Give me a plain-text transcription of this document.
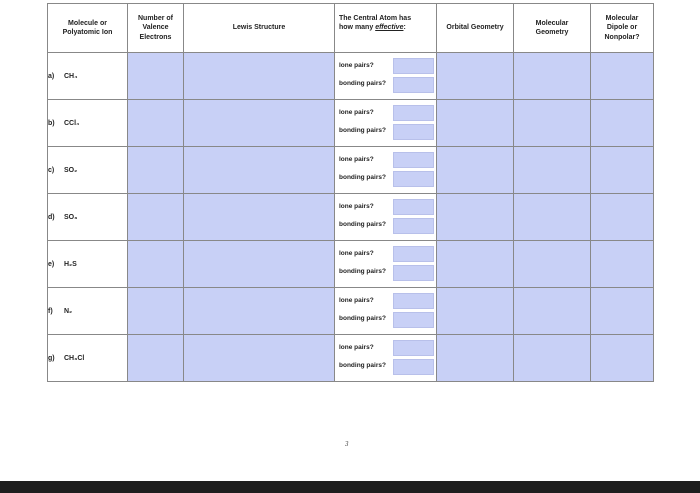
Molecule or
Polyatomic Ion	Number of
Valence
Electrons	Lewis Structure	The Central Atom has
how many effective:	Orbital Geometry	Molecular
Geometry	Molecular
Dipole or
Nonpolar?

a) CH₄			lone pairs?
bonding pairs?			

b) CCl₄			lone pairs?
bonding pairs?			

c) SO₂			lone pairs?
bonding pairs?			

d) SO₃			lone pairs?
bonding pairs?			

e) H₂S			lone pairs?
bonding pairs?			

f) N₂			lone pairs?
bonding pairs?			

g) CH₃Cl			lone pairs?
bonding pairs?			

3
